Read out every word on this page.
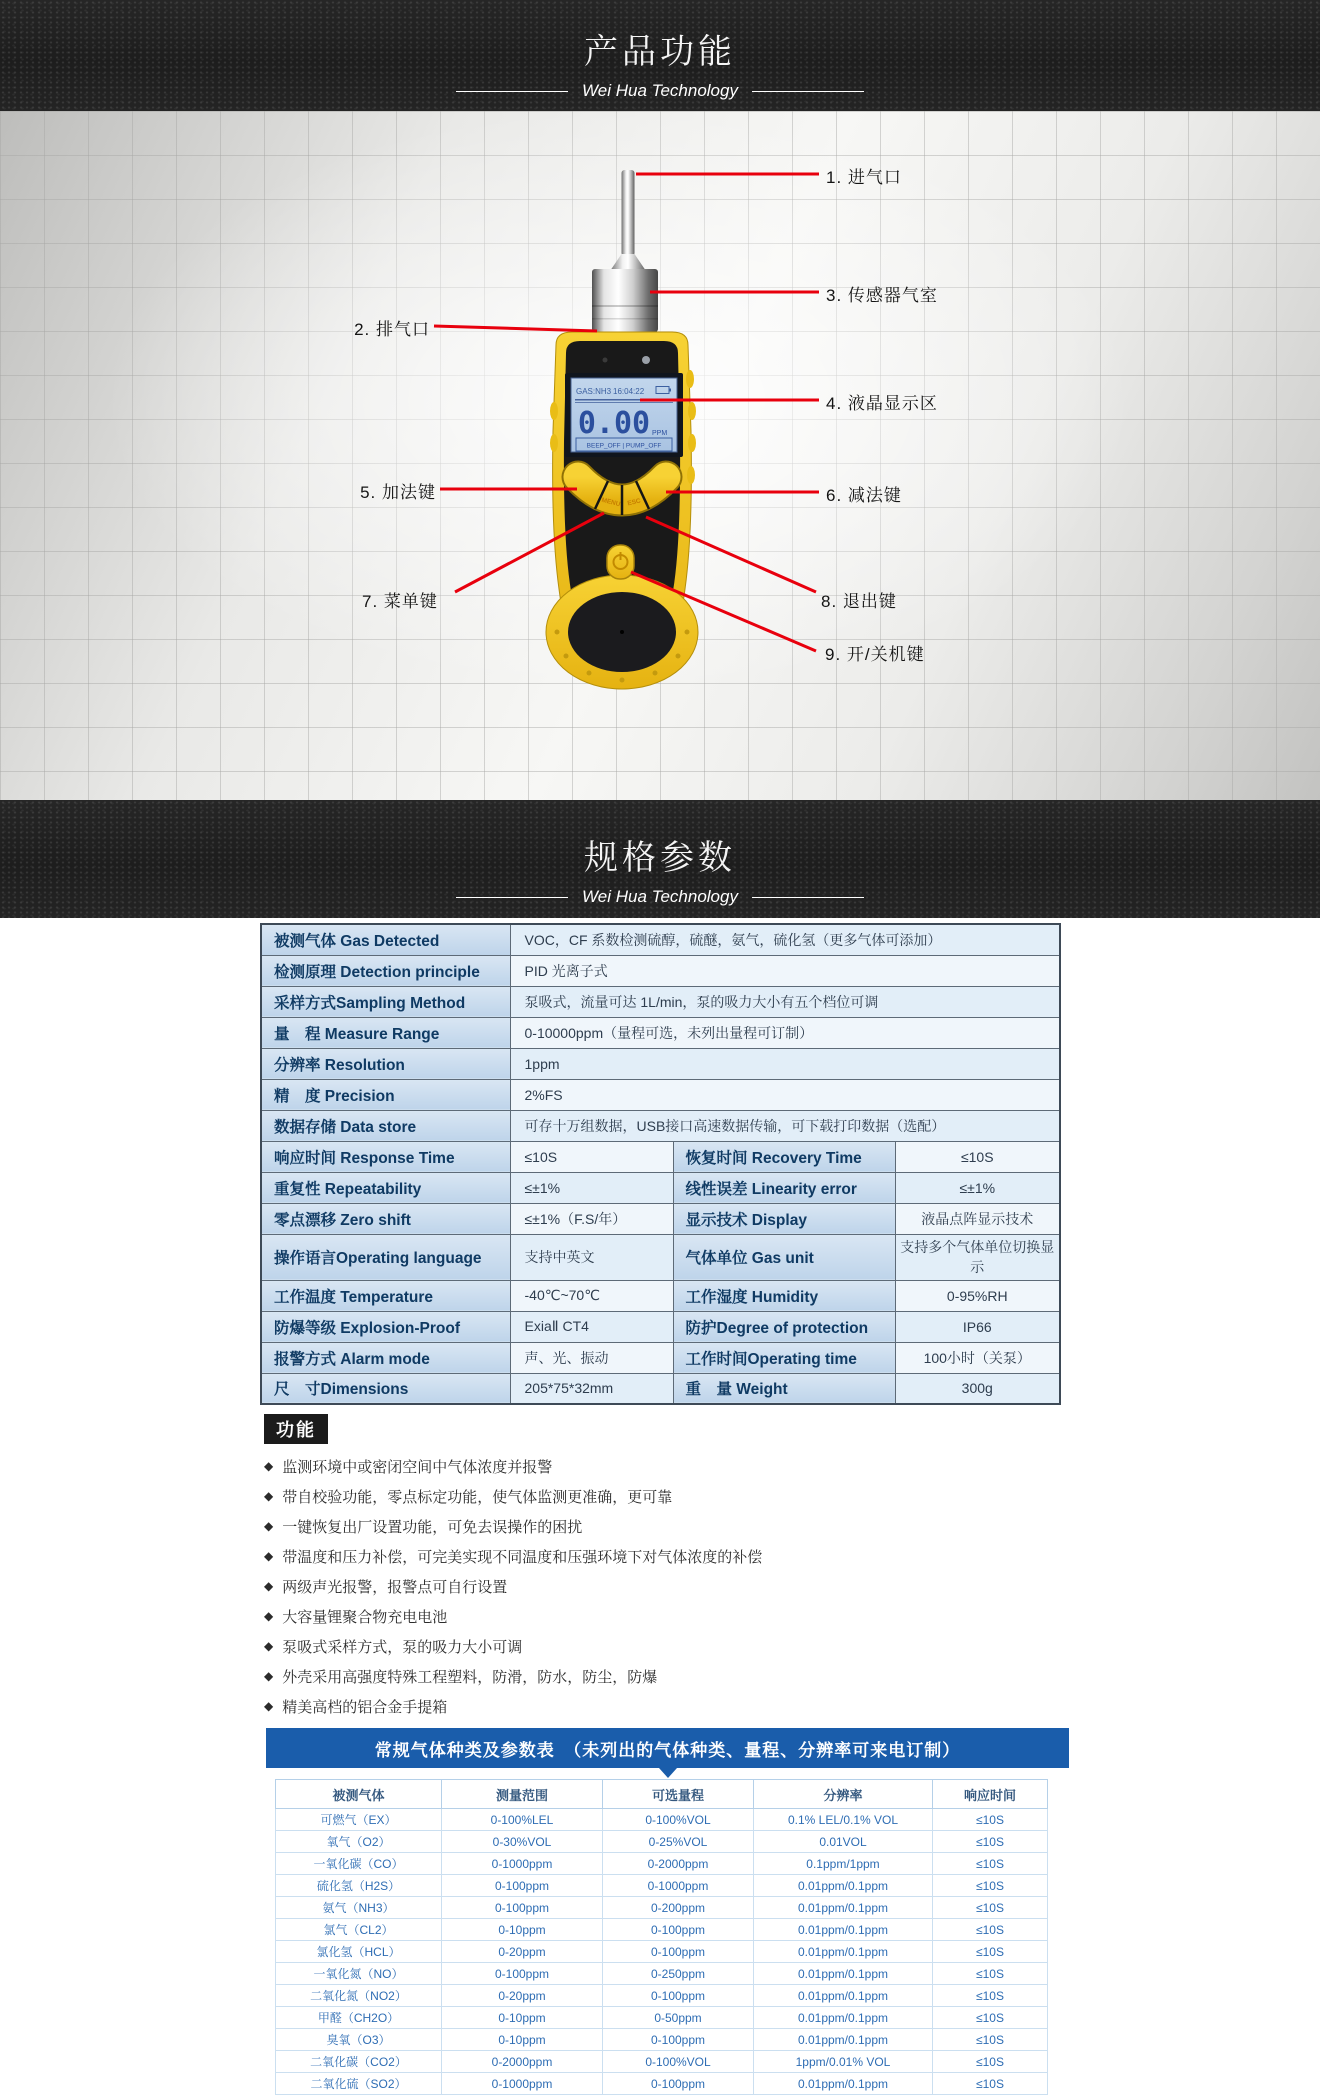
产品功能
Wei Hua Technology
GAS:NH3 16:04:22
0.00 PPM
BEEP_OFF | PUMP_OFF
MENU ESC
1. 进气口
2. 排气口
3. 传感器气室
4. 液晶显示区
5. 加法键	6. 减法键
7. 菜单键	8. 退出键
9. 开/关机键
规格参数
Wei Hua Technology
被测气体 Gas Detected	VOC，CF 系数检测硫醇，硫醚，氨气，硫化氢（更多气体可添加）		
检测原理 Detection principle	PID 光离子式		
采样方式Sampling Method	泵吸式，流量可达 1L/min，泵的吸力大小有五个档位可调		
量　程 Measure Range	0-10000ppm（量程可选，未列出量程可订制）		
分辨率 Resolution	1ppm		
精　度 Precision	2%FS		
数据存储 Data store	可存十万组数据，USB接口高速数据传输，可下载打印数据（选配）		
响应时间 Response Time	≤10S	恢复时间 Recovery Time	≤10S
重复性 Repeatability	≤±1%	线性误差 Linearity error	≤±1%
零点漂移 Zero shift	≤±1%（F.S/年）	显示技术 Display	液晶点阵显示技术
操作语言Operating language	支持中英文	气体单位 Gas unit	支持多个气体单位切换显示
工作温度 Temperature	-40℃~70℃	工作湿度 Humidity	0-95%RH
防爆等级 Explosion-Proof	ExiaⅡ CT4	防护Degree of protection	IP66
报警方式 Alarm mode	声、光、振动	工作时间Operating time	100小时（关泵）
尺　寸Dimensions	205*75*32mm	重　量 Weight	300g
功能
◆ 监测环境中或密闭空间中气体浓度并报警
◆ 带自校验功能，零点标定功能，使气体监测更准确，更可靠
◆ 一键恢复出厂设置功能，可免去误操作的困扰
◆ 带温度和压力补偿，可完美实现不同温度和压强环境下对气体浓度的补偿
◆ 两级声光报警，报警点可自行设置
◆ 大容量锂聚合物充电电池
◆ 泵吸式采样方式，泵的吸力大小可调
◆ 外壳采用高强度特殊工程塑料，防滑，防水，防尘，防爆
◆ 精美高档的铝合金手提箱
常规气体种类及参数表　（未列出的气体种类、量程、分辨率可来电订制）
被测气体	测量范围	可选量程	分辨率	响应时间
可燃气（EX）	0-100%LEL	0-100%VOL	0.1% LEL/0.1% VOL	≤10S
氧气（O2）	0-30%VOL	0-25%VOL	0.01VOL	≤10S
一氧化碳（CO）	0-1000ppm	0-2000ppm	0.1ppm/1ppm	≤10S
硫化氢（H2S）	0-100ppm	0-1000ppm	0.01ppm/0.1ppm	≤10S
氨气（NH3）	0-100ppm	0-200ppm	0.01ppm/0.1ppm	≤10S
氯气（CL2）	0-10ppm	0-100ppm	0.01ppm/0.1ppm	≤10S
氯化氢（HCL）	0-20ppm	0-100ppm	0.01ppm/0.1ppm	≤10S
一氧化氮（NO）	0-100ppm	0-250ppm	0.01ppm/0.1ppm	≤10S
二氧化氮（NO2）	0-20ppm	0-100ppm	0.01ppm/0.1ppm	≤10S
甲醛（CH2O）	0-10ppm	0-50ppm	0.01ppm/0.1ppm	≤10S
臭氧（O3）	0-10ppm	0-100ppm	0.01ppm/0.1ppm	≤10S
二氧化碳（CO2）	0-2000ppm	0-100%VOL	1ppm/0.01% VOL	≤10S
二氧化硫（SO2）	0-1000ppm	0-100ppm	0.01ppm/0.1ppm	≤10S
